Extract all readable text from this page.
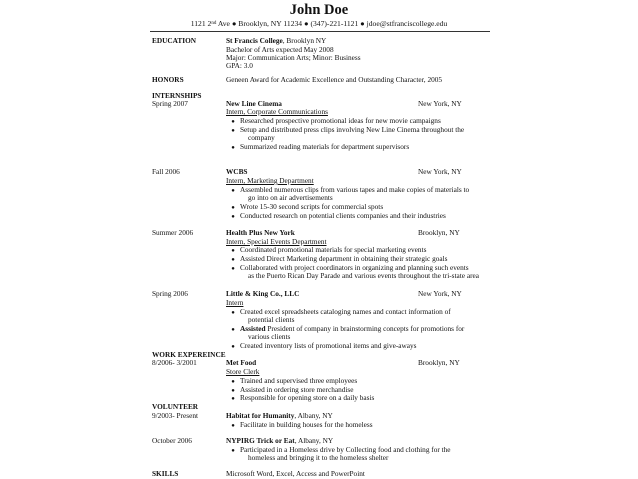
John Doe
1121 2nd Ave ● Brooklyn, NY 11234 ● (347)-221-1121 ● jdoe@stfranciscollege.edu
EDUCATION	St Francis College, Brooklyn NY
Bachelor of Arts expected May 2008
Major: Communication Arts; Minor: Business
GPA: 3.0
HONORS	Geneen Award for Academic Excellence and Outstanding Character, 2005
INTERNSHIPS
Spring 2007	New Line Cinema	New York, NY
Intern, Corporate Communications
● Researched prospective promotional ideas for new movie campaigns
● Setup and distributed press clips involving New Line Cinema throughout the
company
● Summarized reading materials for department supervisors
Fall 2006	WCBS	New York, NY
Intern, Marketing Department
● Assembled numerous clips from various tapes and make copies of materials to
go into on air advertisements
● Wrote 15-30 second scripts for commercial spots
● Conducted research on potential clients companies and their industries
Summer 2006	Health Plus New York	Brooklyn, NY
Intern, Special Events Department
● Coordinated promotional materials for special marketing events
● Assisted Direct Marketing department in obtaining their strategic goals
● Collaborated with project coordinators in organizing and planning such events
as the Puerto Rican Day Parade and various events throughout the tri-state area
Spring 2006	Little & King Co., LLC	New York, NY
Intern
● Created excel spreadsheets cataloging names and contact information of
potential clients
● Assisted President of company in brainstorming concepts for promotions for
various clients
● Created inventory lists of promotional items and give-aways
WORK EXPEREINCE
8/2006- 3/2001	Met Food	Brooklyn, NY
Store Clerk
● Trained and supervised three employees
● Assisted in ordering store merchandise
● Responsible for opening store on a daily basis
VOLUNTEER
9/2003- Present	Habitat for Humanity, Albany, NY
● Facilitate in building houses for the homeless
October 2006	NYPIRG Trick or Eat, Albany, NY
● Participated in a Homeless drive by Collecting food and clothing for the
homeless and bringing it to the homeless shelter
SKILLS	Microsoft Word, Excel, Access and PowerPoint
